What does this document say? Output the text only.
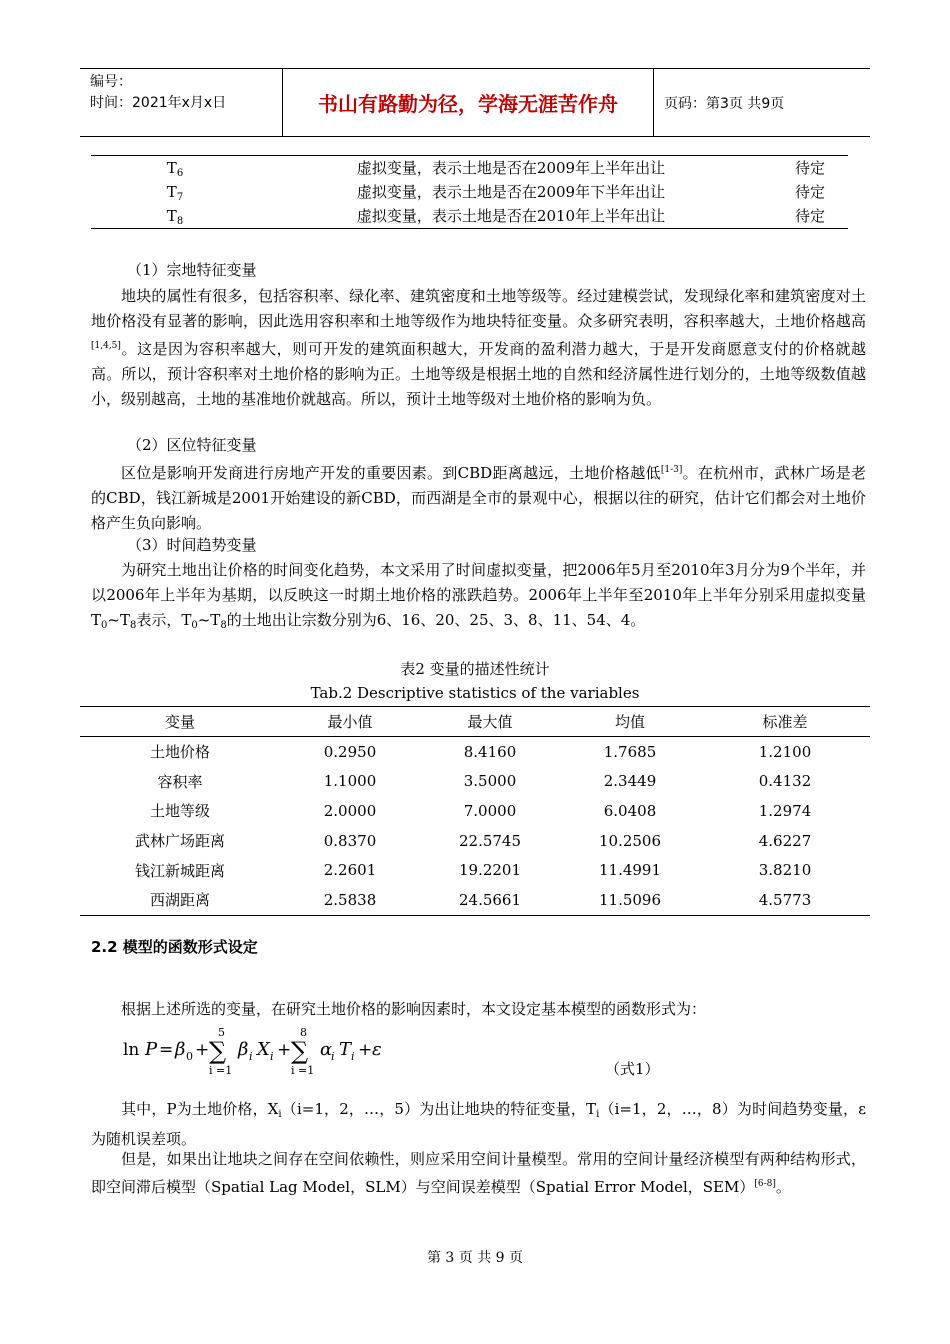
编号：
时间：2021年x月x日	书山有路勤为径，学海无涯苦作舟	页码：第3页 共9页
$T_6$	虚拟变量，表示土地是否在2009年上半年出让	待定
$T_7$	虚拟变量，表示土地是否在2009年下半年出让	待定
$T_8$	虚拟变量，表示土地是否在2010年上半年出让	待定
（1）宗地特征变量
地块的属性有很多，包括容积率、绿化率、建筑密度和土地等级等。经过建模尝试，发现绿化率和建筑密度对土地价格没有显著的影响，因此选用容积率和土地等级作为地块特征变量。众多研究表明，容积率越大，土地价格越高[1,4,5]。这是因为容积率越大，则可开发的建筑面积越大，开发商的盈利潜力越大，于是开发商愿意支付的价格就越高。所以，预计容积率对土地价格的影响为正。土地等级是根据土地的自然和经济属性进行划分的，土地等级数值越小，级别越高，土地的基准地价就越高。所以，预计土地等级对土地价格的影响为负。
（2）区位特征变量
区位是影响开发商进行房地产开发的重要因素。到CBD距离越远，土地价格越低[1-3]。在杭州市，武林广场是老的CBD，钱江新城是2001开始建设的新CBD，而西湖是全市的景观中心，根据以往的研究，估计它们都会对土地价格产生负向影响。
（3）时间趋势变量
为研究土地出让价格的时间变化趋势，本文采用了时间虚拟变量，把2006年5月至2010年3月分为9个半年，并以2006年上半年为基期，以反映这一时期土地价格的涨跌趋势。2006年上半年至2010年上半年分别采用虚拟变量$T_0\sim T_8$表示，$T_0\sim T_8$的土地出让宗数分别为6、16、20、25、3、8、11、54、4。
表2 变量的描述性统计
Tab.2 Descriptive statistics of the variables
变量	最小值	最大值	均值	标准差
土地价格	0.2950	8.4160	1.7685	1.2100
容积率	1.1000	3.5000	2.3449	0.4132
土地等级	2.0000	7.0000	6.0408	1.2974
武林广场距离	0.8370	22.5745	10.2506	4.6227
钱江新城距离	2.2601	19.2201	11.4991	3.8210
西湖距离	2.5838	24.5661	11.5096	4.5773
2.2 模型的函数形式设定
根据上述所选的变量，在研究土地价格的影响因素时，本文设定基本模型的函数形式为：
ln P = β 0 +
5
∑
i =1
β i X i +
8
∑
i =1
α
i T i + ε
（式1）
其中，P为土地价格，$X_i(i=1$，2，…，5）为出让地块的特征变量，$T_i(i=1$，2，…，8）为时间趋势变量，ε为随机误差项。
但是，如果出让地块之间存在空间依赖性，则应采用空间计量模型。常用的空间计量经济模型有两种结构形式，即空间滞后模型（Spatial Lag Model，SLM）与空间误差模型（Spatial Error Model，SEM）[6-8]。
第 3 页 共 9 页
